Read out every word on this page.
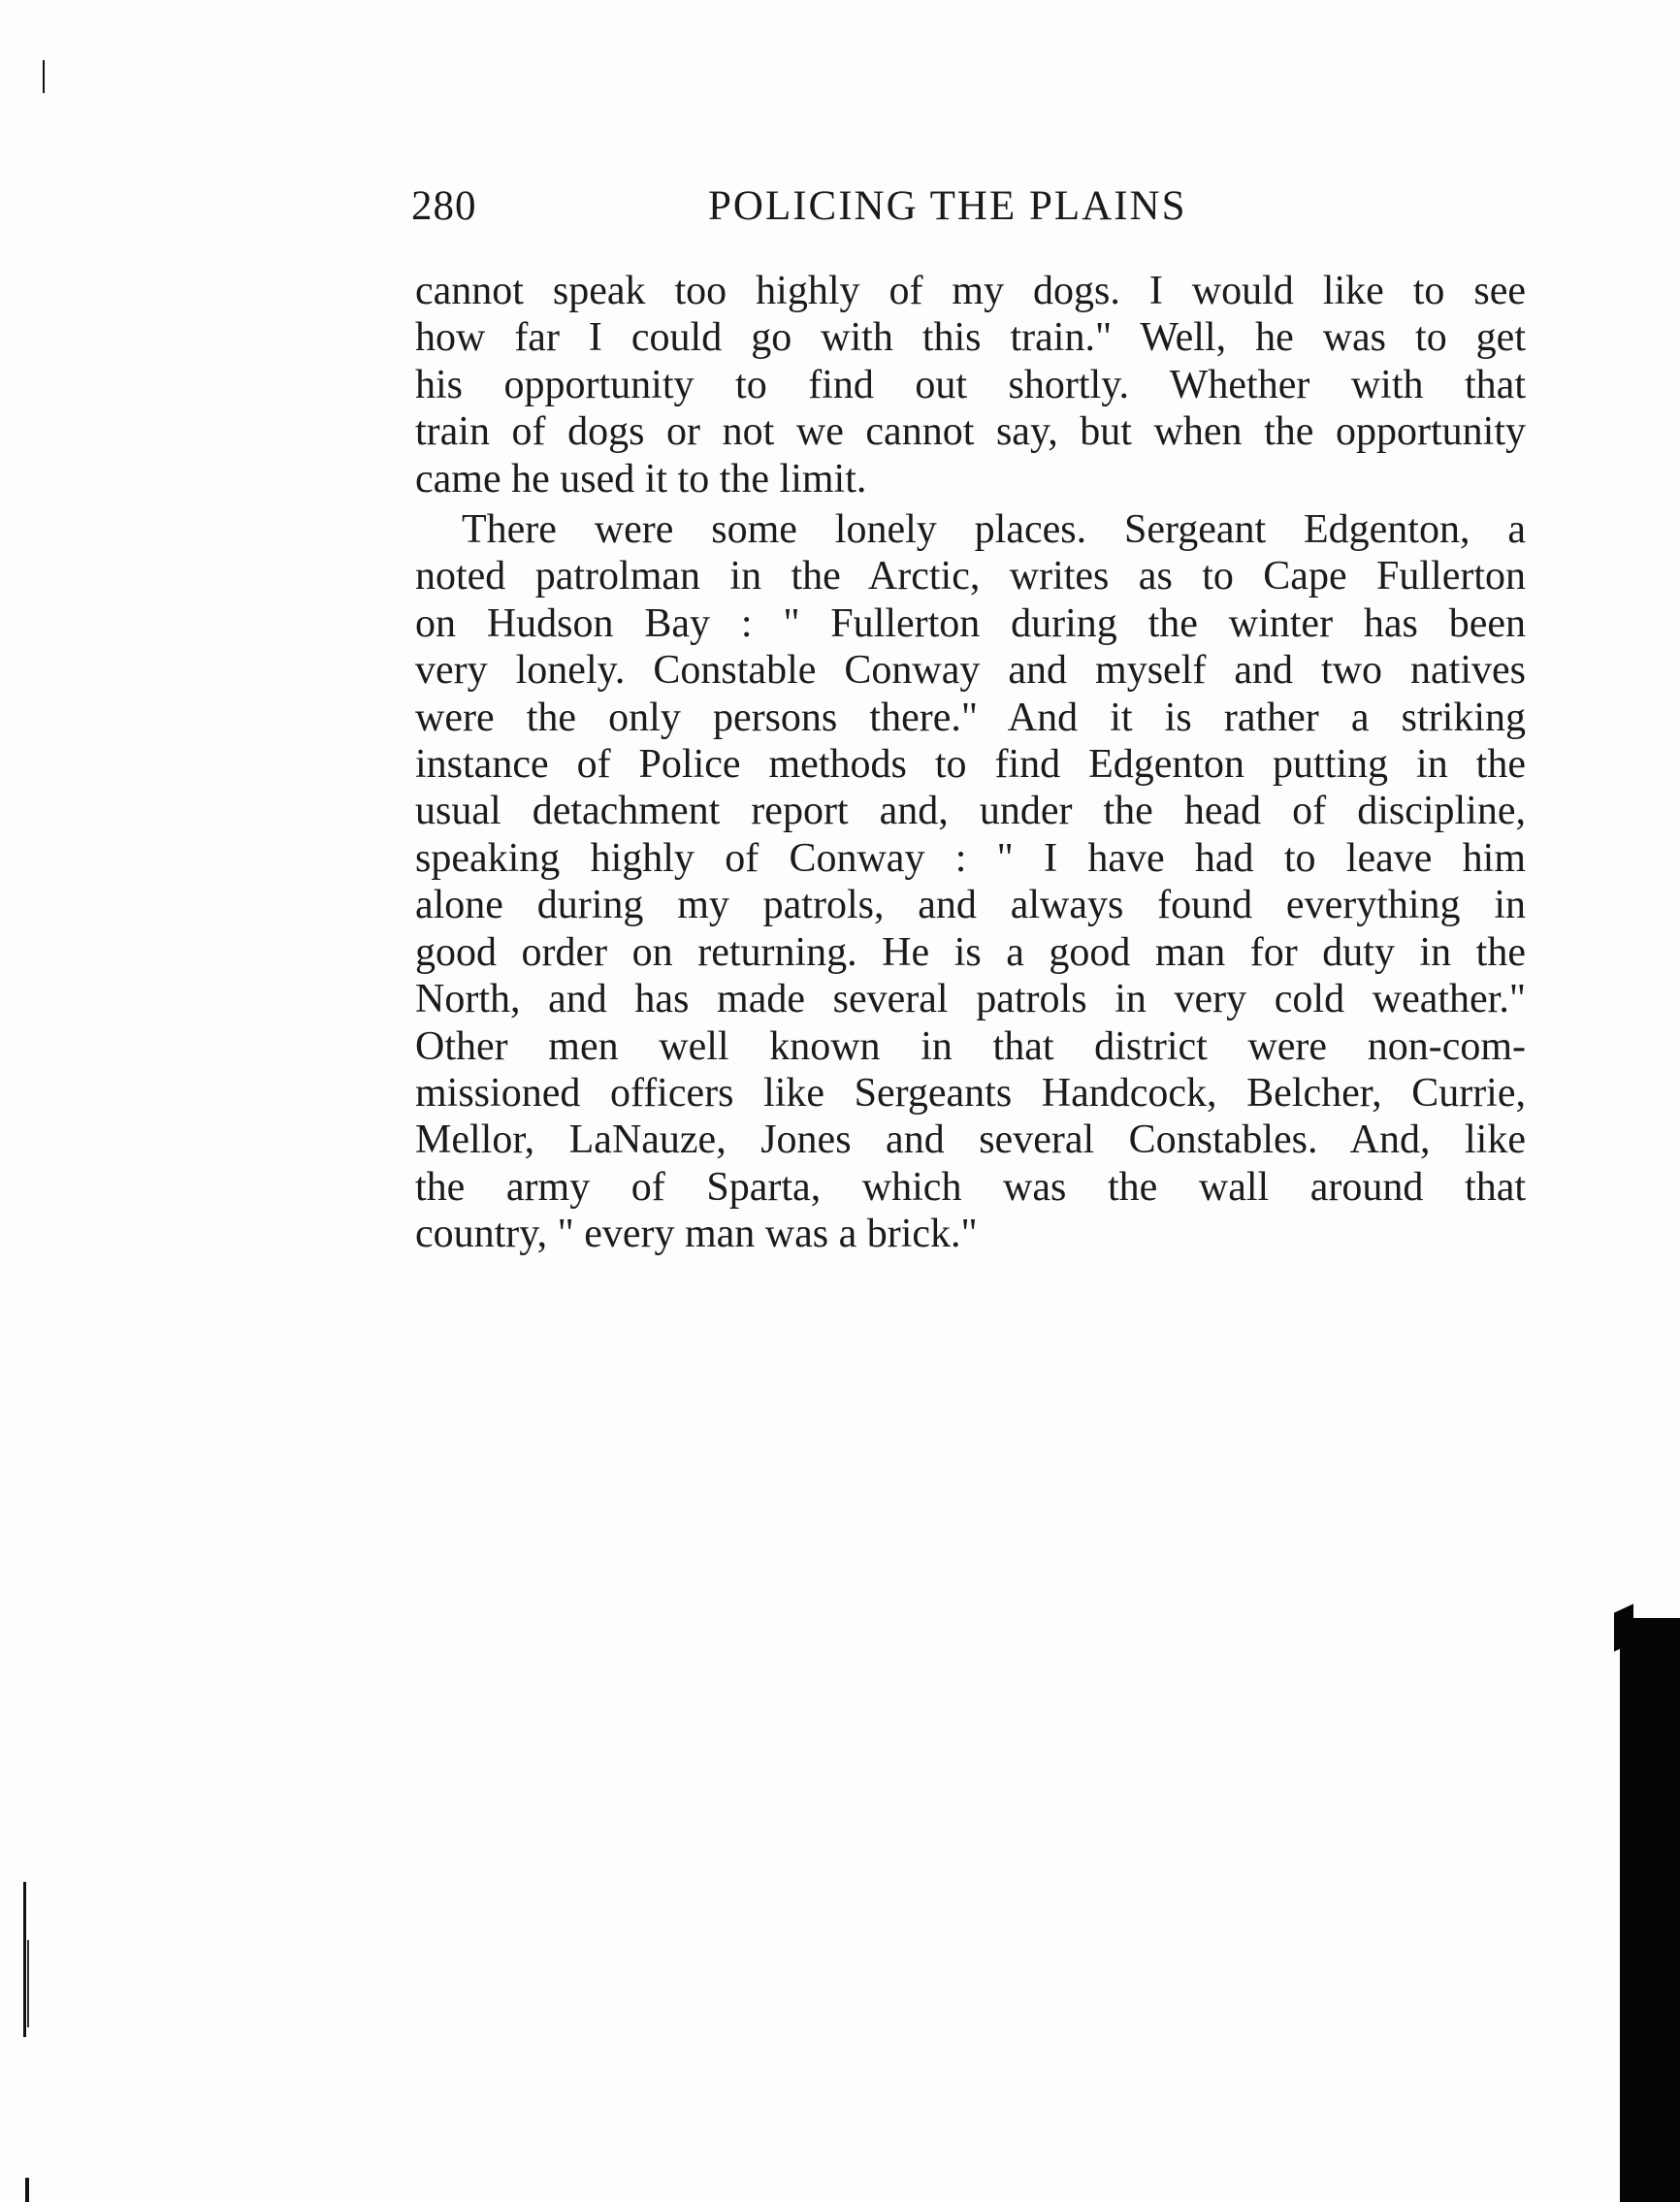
280	POLICING THE PLAINS

cannot speak too highly of my dogs. I would like to see
how far I could go with this train." Well, he was to get
his opportunity to find out shortly. Whether with that
train of dogs or not we cannot say, but when the opportunity
came he used it to the limit.

There were some lonely places. Sergeant Edgenton, a
noted patrolman in the Arctic, writes as to Cape Fullerton
on Hudson Bay : " Fullerton during the winter has been
very lonely. Constable Conway and myself and two natives
were the only persons there." And it is rather a striking
instance of Police methods to find Edgenton putting in the
usual detachment report and, under the head of discipline,
speaking highly of Conway : " I have had to leave him
alone during my patrols, and always found everything in
good order on returning. He is a good man for duty in the
North, and has made several patrols in very cold weather."
Other men well known in that district were non-com-
missioned officers like Sergeants Handcock, Belcher, Currie,
Mellor, LaNauze, Jones and several Constables. And, like
the army of Sparta, which was the wall around that
country, " every man was a brick."
